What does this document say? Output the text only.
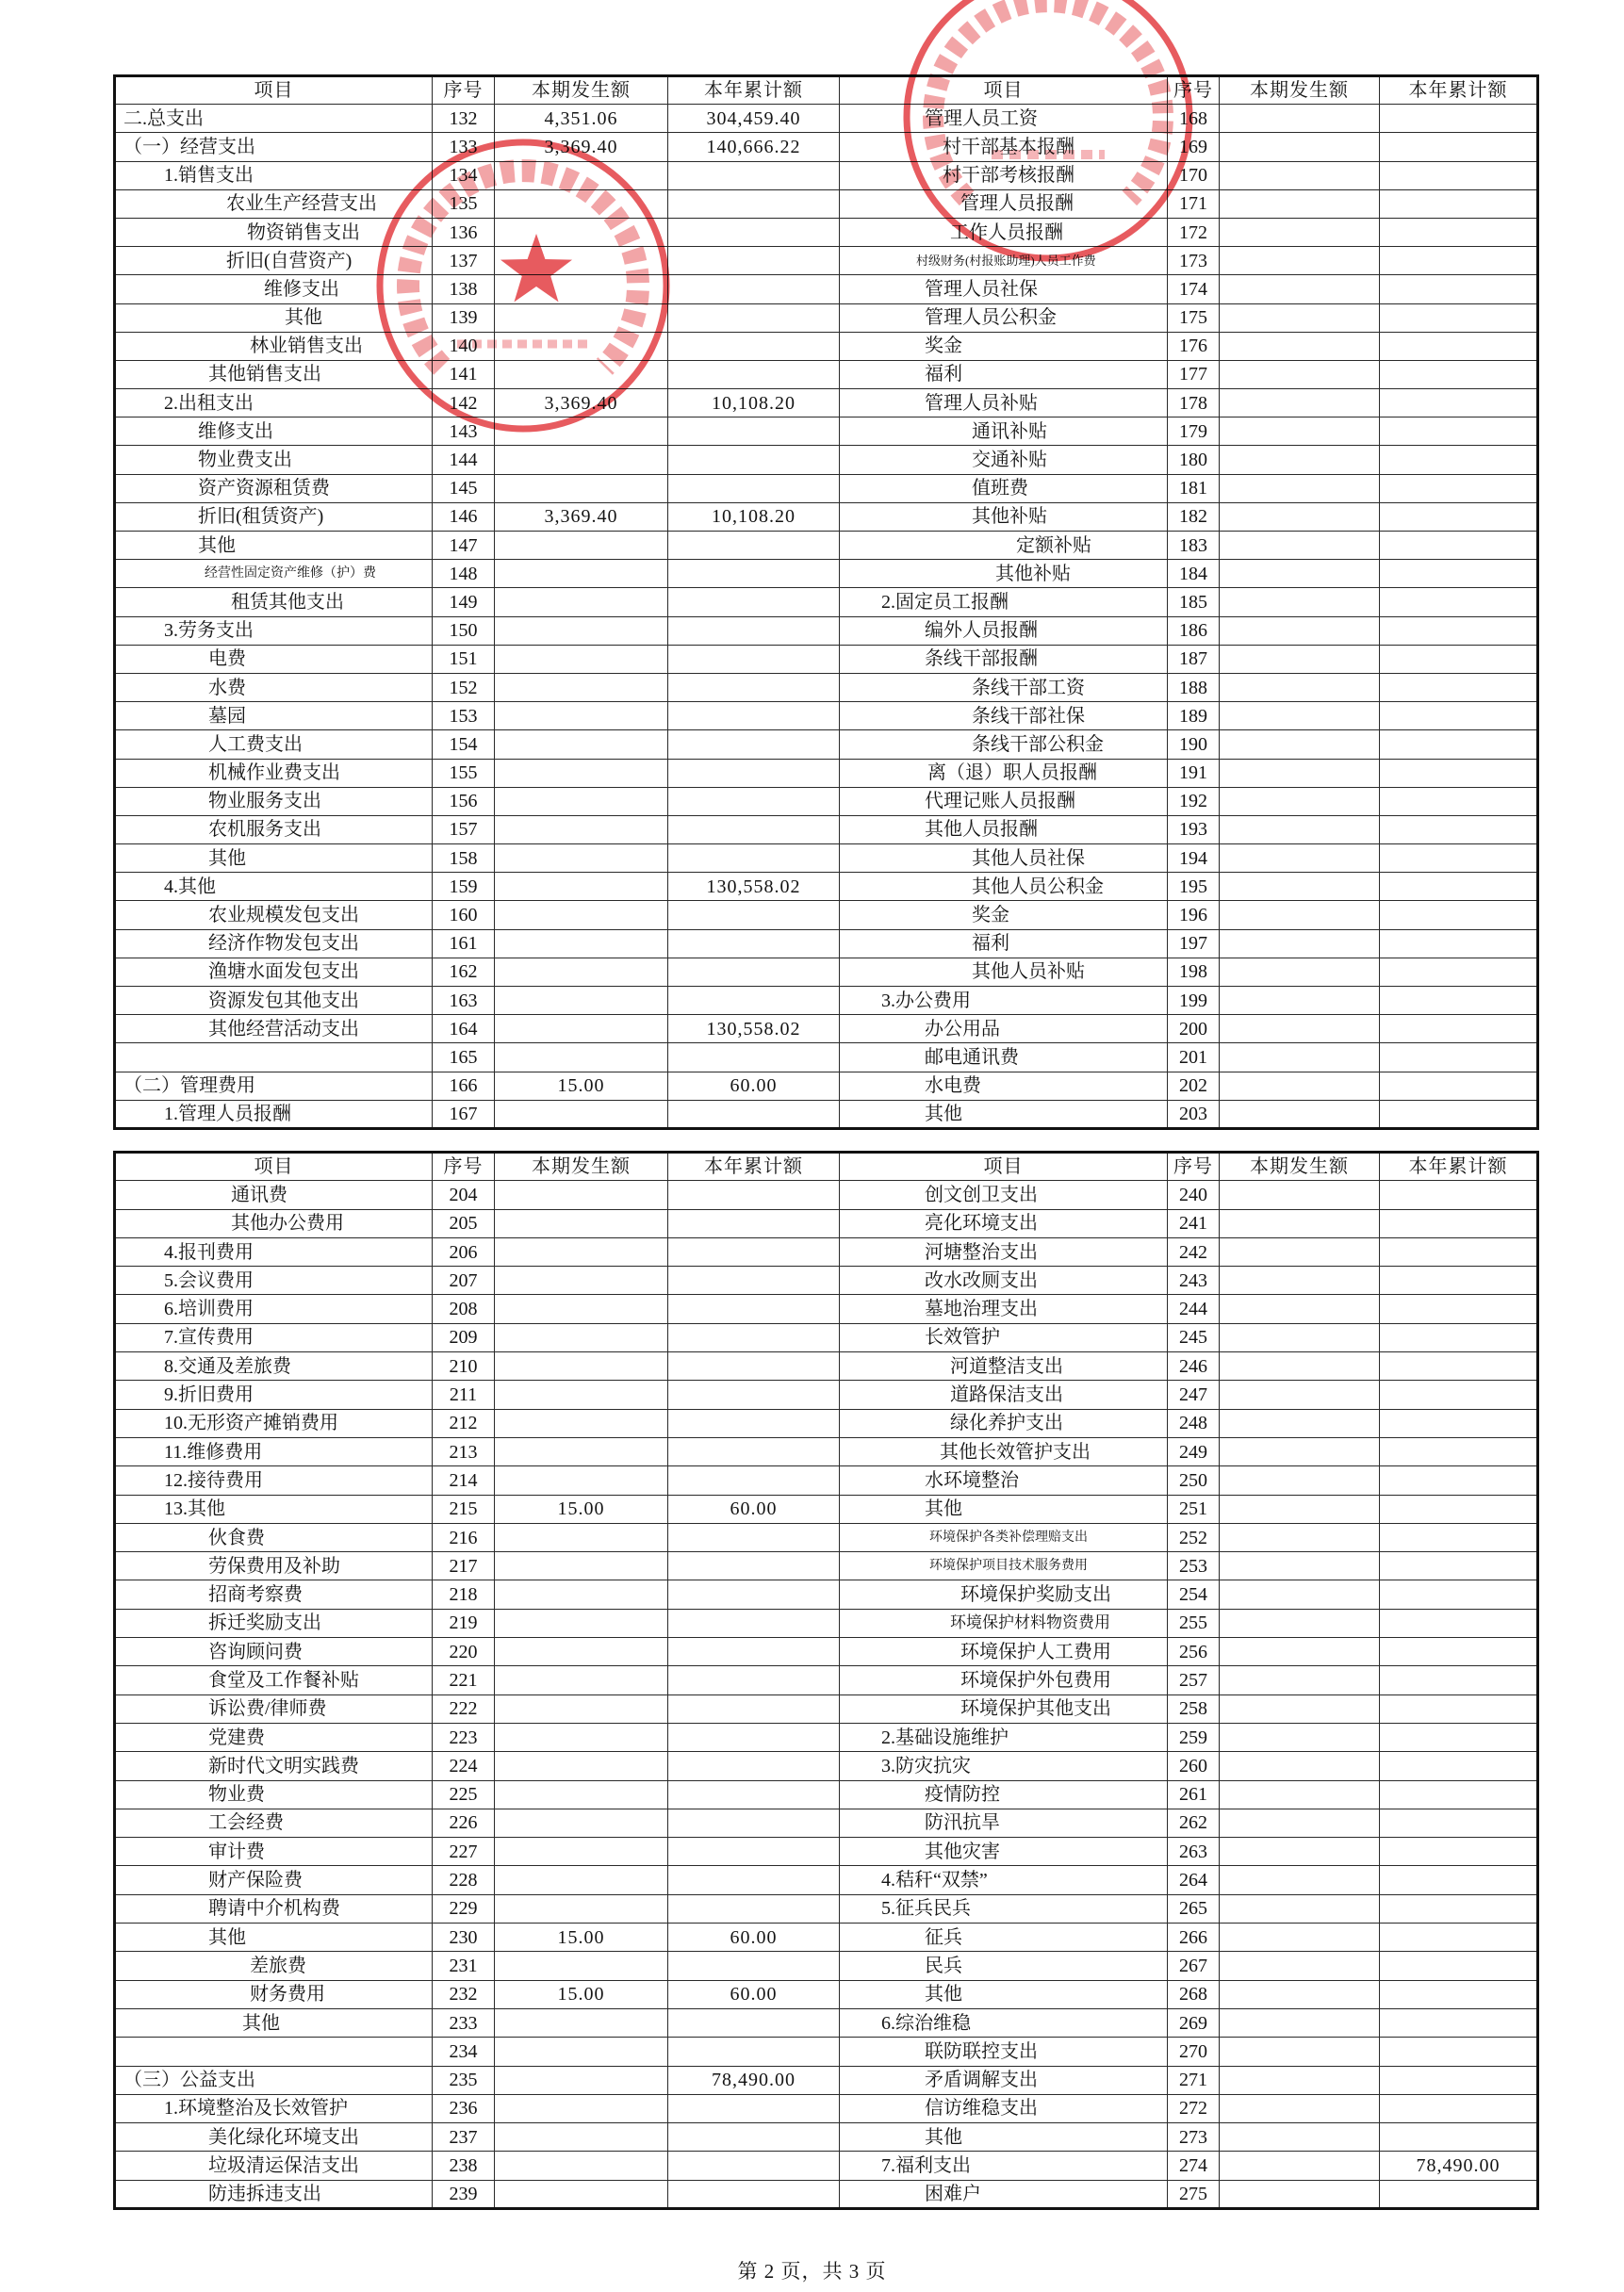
项目	序号	本期发生额	本年累计额	项目	序号	本期发生额	本年累计额
二.总支出	132	4,351.06	304,459.40	管理人员工资	168		
（一）经营支出	133	3,369.40	140,666.22	村干部基本报酬	169		
1.销售支出	134			村干部考核报酬	170		
农业生产经营支出	135			管理人员报酬	171		
物资销售支出	136			工作人员报酬	172		
折旧(自营资产)	137			村级财务(村报账助理)人员工作费	173		
维修支出	138			管理人员社保	174		
其他	139			管理人员公积金	175		
林业销售支出	140			奖金	176		
其他销售支出	141			福利	177		
2.出租支出	142	3,369.40	10,108.20	管理人员补贴	178		
维修支出	143			通讯补贴	179		
物业费支出	144			交通补贴	180		
资产资源租赁费	145			值班费	181		
折旧(租赁资产)	146	3,369.40	10,108.20	其他补贴	182		
其他	147			定额补贴	183		
经营性固定资产维修（护）费	148			其他补贴	184		
租赁其他支出	149			2.固定员工报酬	185		
3.劳务支出	150			编外人员报酬	186		
电费	151			条线干部报酬	187		
水费	152			条线干部工资	188		
墓园	153			条线干部社保	189		
人工费支出	154			条线干部公积金	190		
机械作业费支出	155			离（退）职人员报酬	191		
物业服务支出	156			代理记账人员报酬	192		
农机服务支出	157			其他人员报酬	193		
其他	158			其他人员社保	194		
4.其他	159		130,558.02	其他人员公积金	195		
农业规模发包支出	160			奖金	196		
经济作物发包支出	161			福利	197		
渔塘水面发包支出	162			其他人员补贴	198		
资源发包其他支出	163			3.办公费用	199		
其他经营活动支出	164		130,558.02	办公用品	200		
	165			邮电通讯费	201		
（二）管理费用	166	15.00	60.00	水电费	202		
1.管理人员报酬	167			其他	203		
项目	序号	本期发生额	本年累计额	项目	序号	本期发生额	本年累计额
通讯费	204			创文创卫支出	240		
其他办公费用	205			亮化环境支出	241		
4.报刊费用	206			河塘整治支出	242		
5.会议费用	207			改水改厕支出	243		
6.培训费用	208			墓地治理支出	244		
7.宣传费用	209			长效管护	245		
8.交通及差旅费	210			河道整洁支出	246		
9.折旧费用	211			道路保洁支出	247		
10.无形资产摊销费用	212			绿化养护支出	248		
11.维修费用	213			其他长效管护支出	249		
12.接待费用	214			水环境整治	250		
13.其他	215	15.00	60.00	其他	251		
伙食费	216			环境保护各类补偿理赔支出	252		
劳保费用及补助	217			环境保护项目技术服务费用	253		
招商考察费	218			环境保护奖励支出	254		
拆迁奖励支出	219			环境保护材料物资费用	255		
咨询顾问费	220			环境保护人工费用	256		
食堂及工作餐补贴	221			环境保护外包费用	257		
诉讼费/律师费	222			环境保护其他支出	258		
党建费	223			2.基础设施维护	259		
新时代文明实践费	224			3.防灾抗灾	260		
物业费	225			疫情防控	261		
工会经费	226			防汛抗旱	262		
审计费	227			其他灾害	263		
财产保险费	228			4.秸秆“双禁”	264		
聘请中介机构费	229			5.征兵民兵	265		
其他	230	15.00	60.00	征兵	266		
差旅费	231			民兵	267		
财务费用	232	15.00	60.00	其他	268		
其他	233			6.综治维稳	269		
	234			联防联控支出	270		
（三）公益支出	235		78,490.00	矛盾调解支出	271		
1.环境整治及长效管护	236			信访维稳支出	272		
美化绿化环境支出	237			其他	273		
垃圾清运保洁支出	238			7.福利支出	274		78,490.00
防违拆违支出	239			困难户	275		
第 2 页，共 3 页
